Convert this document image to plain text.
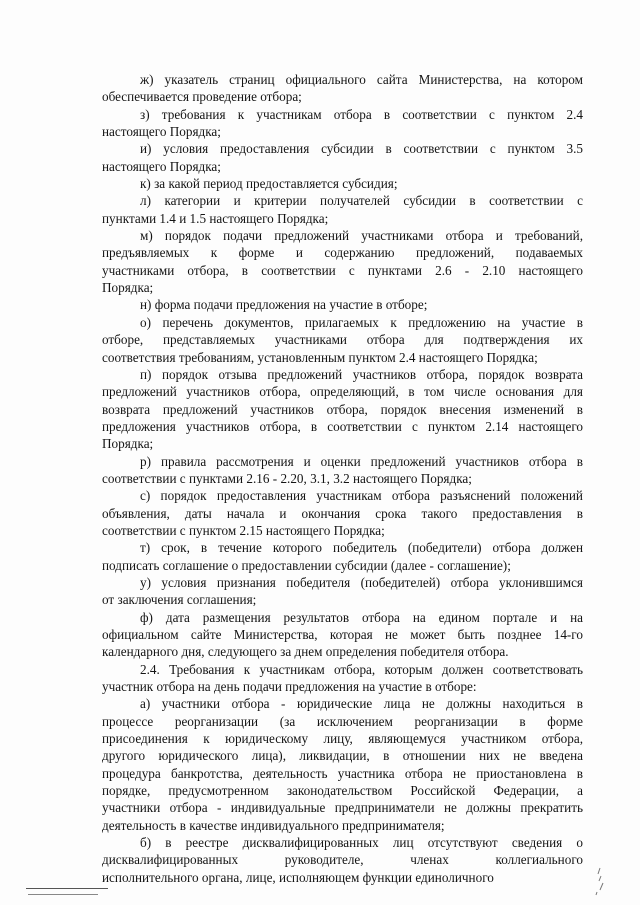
ж) указатель страниц официального сайта Министерства, на котором
обеспечивается проведение отбора;
з) требования к участникам отбора в соответствии с пунктом 2.4
настоящего Порядка;
и) условия предоставления субсидии в соответствии с пунктом 3.5
настоящего Порядка;
к) за какой период предоставляется субсидия;
л) категории и критерии получателей субсидии в соответствии с
пунктами 1.4 и 1.5 настоящего Порядка;
м) порядок подачи предложений участниками отбора и требований,
предъявляемых к форме и содержанию предложений, подаваемых
участниками отбора, в соответствии с пунктами 2.6 - 2.10 настоящего
Порядка;
н) форма подачи предложения на участие в отборе;
о) перечень документов, прилагаемых к предложению на участие в
отборе, представляемых участниками отбора для подтверждения их
соответствия требованиям, установленным пунктом 2.4 настоящего Порядка;
п) порядок отзыва предложений участников отбора, порядок возврата
предложений участников отбора, определяющий, в том числе основания для
возврата предложений участников отбора, порядок внесения изменений в
предложения участников отбора, в соответствии с пунктом 2.14 настоящего
Порядка;
р) правила рассмотрения и оценки предложений участников отбора в
соответствии с пунктами 2.16 - 2.20, 3.1, 3.2 настоящего Порядка;
с) порядок предоставления участникам отбора разъяснений положений
объявления, даты начала и окончания срока такого предоставления в
соответствии с пунктом 2.15 настоящего Порядка;
т) срок, в течение которого победитель (победители) отбора должен
подписать соглашение о предоставлении субсидии (далее - соглашение);
у) условия признания победителя (победителей) отбора уклонившимся
от заключения соглашения;
ф) дата размещения результатов отбора на едином портале и на
официальном сайте Министерства, которая не может быть позднее 14-го
календарного дня, следующего за днем определения победителя отбора.
2.4. Требования к участникам отбора, которым должен соответствовать
участник отбора на день подачи предложения на участие в отборе:
а) участники отбора - юридические лица не должны находиться в
процессе реорганизации (за исключением реорганизации в форме
присоединения к юридическому лицу, являющемуся участником отбора,
другого юридического лица), ликвидации, в отношении них не введена
процедура банкротства, деятельность участника отбора не приостановлена в
порядке, предусмотренном законодательством Российской Федерации, а
участники отбора - индивидуальные предприниматели не должны прекратить
деятельность в качестве индивидуального предпринимателя;
б) в реестре дисквалифицированных лиц отсутствуют сведения о
дисквалифицированных руководителе, членах коллегиального
исполнительного органа, лице, исполняющем функции единоличного
